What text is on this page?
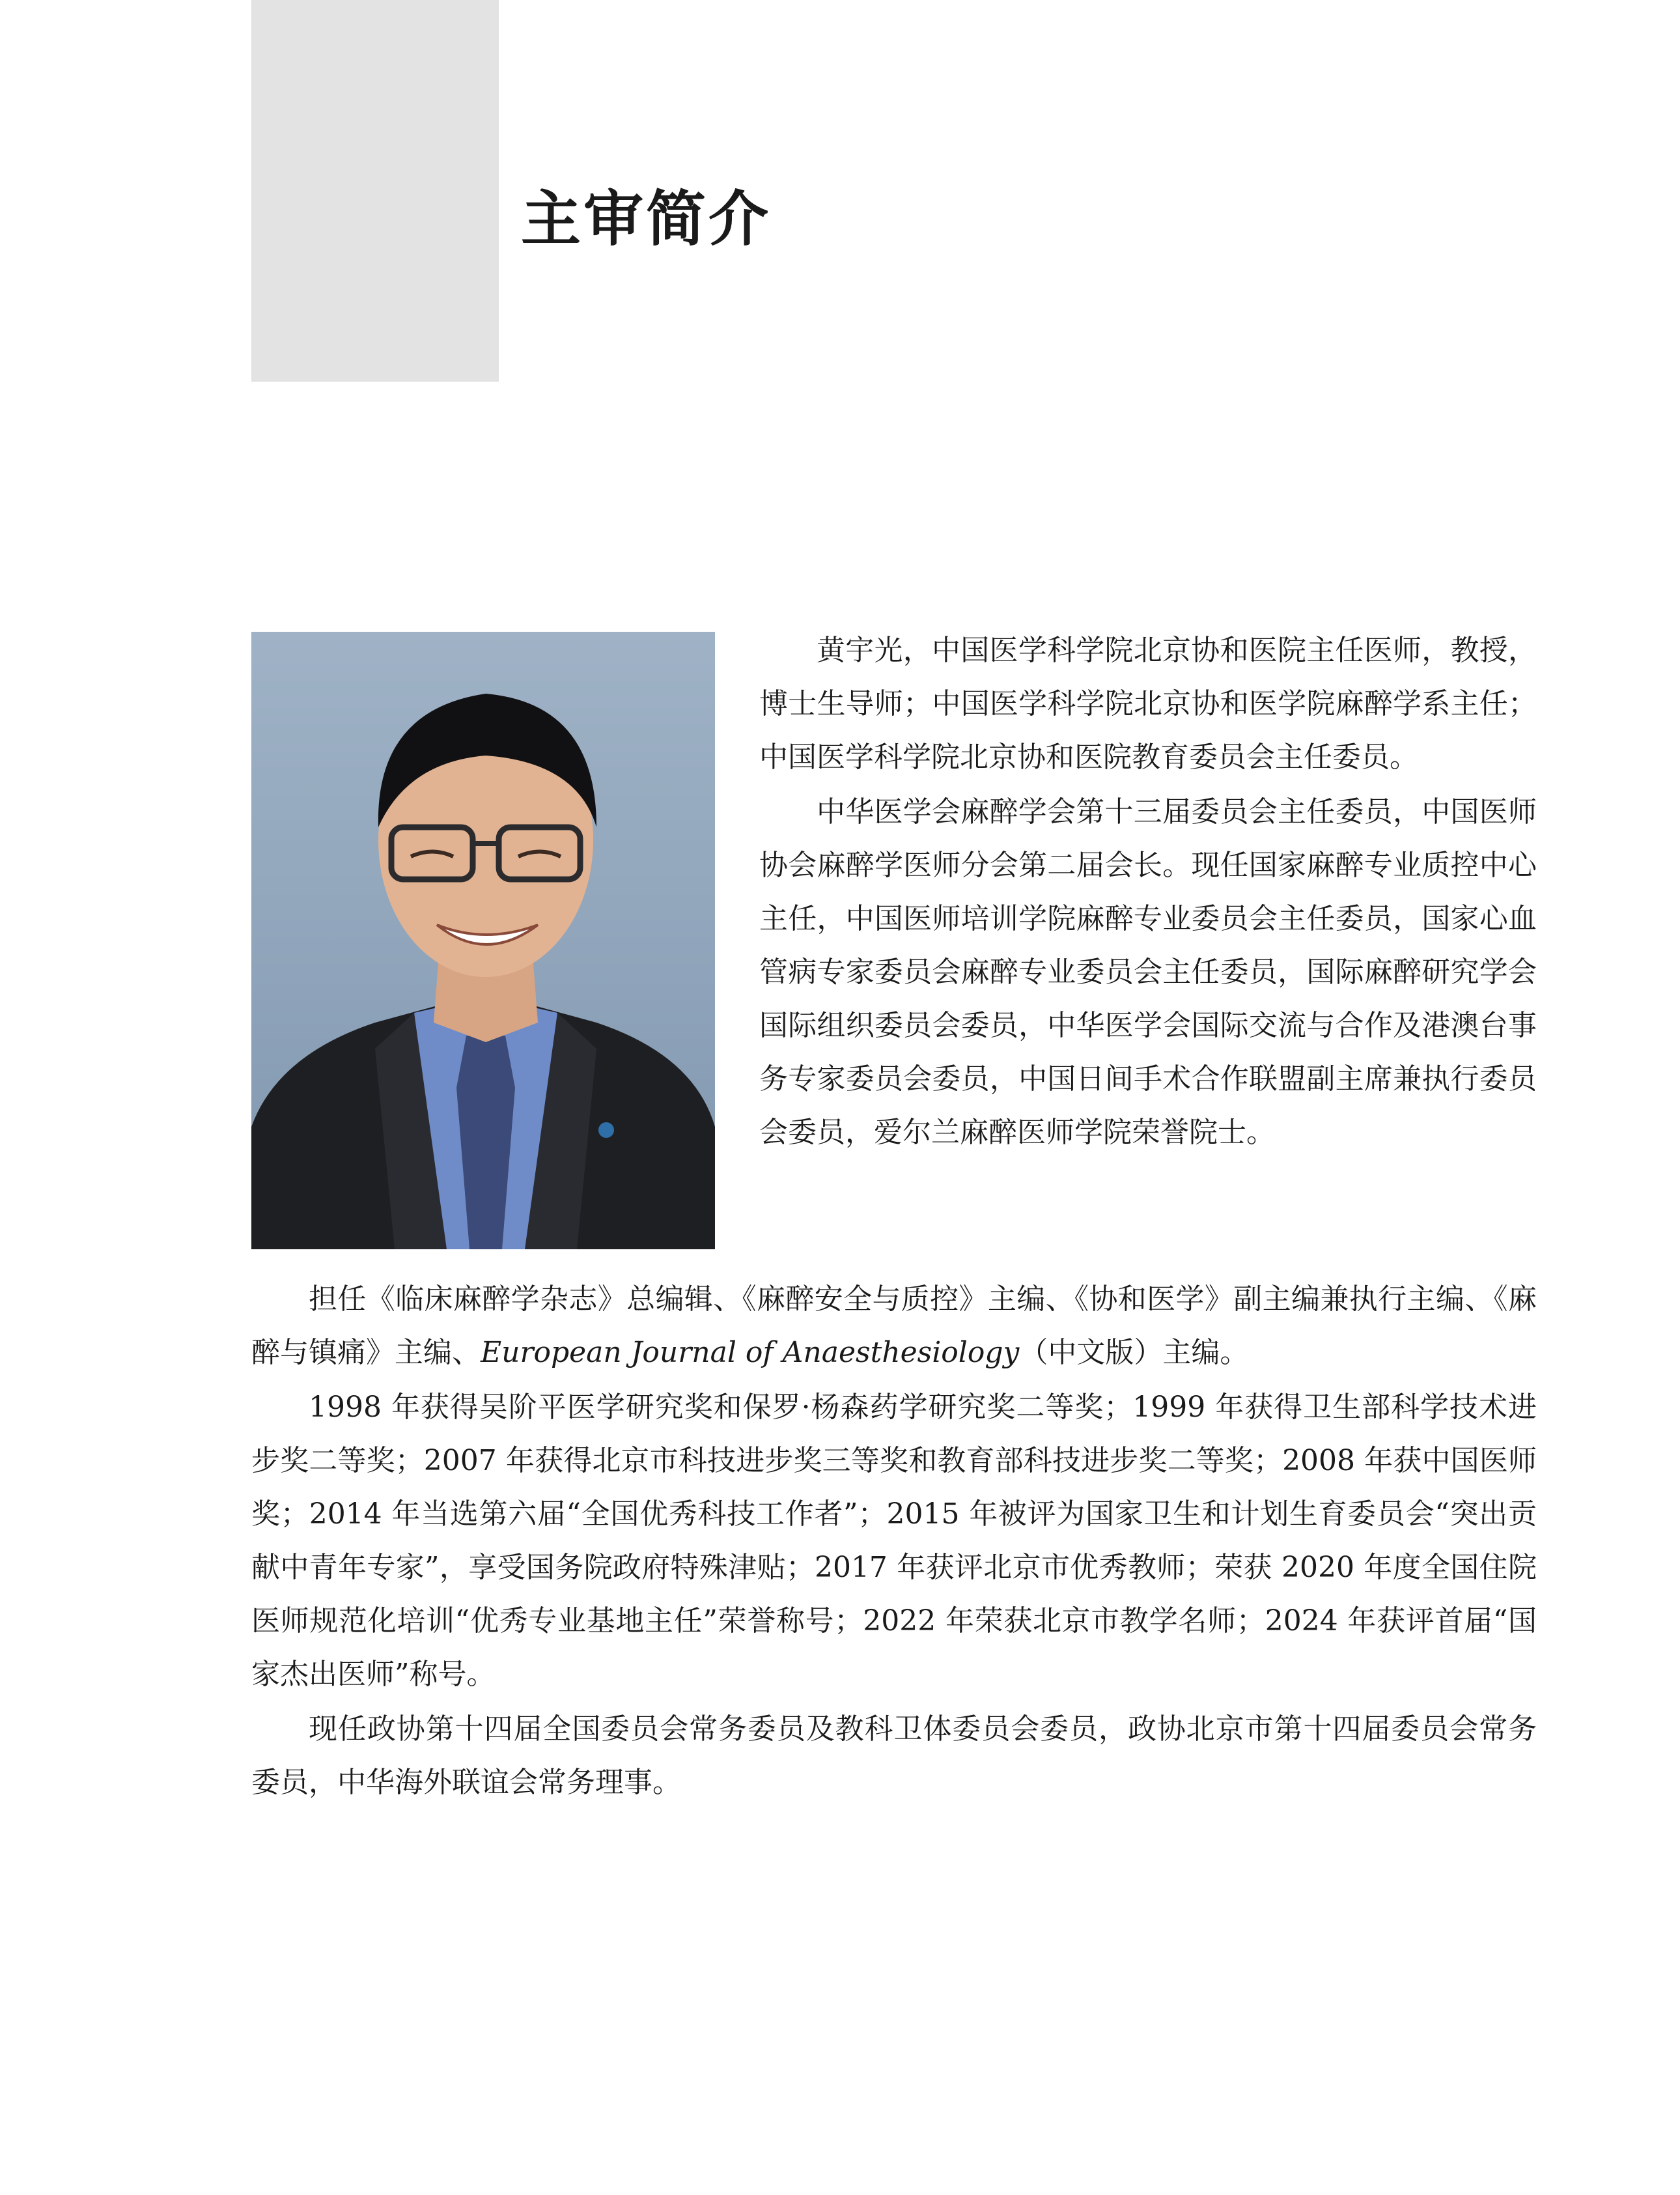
主审简介

黄宇光，中国医学科学院北京协和医院主任医师，教授，博士生导师；中国医学科学院北京协和医学院麻醉学系主任；中国医学科学院北京协和医院教育委员会主任委员。

中华医学会麻醉学会第十三届委员会主任委员，中国医师协会麻醉学医师分会第二届会长。现任国家麻醉专业质控中心主任，中国医师培训学院麻醉专业委员会主任委员，国家心血管病专家委员会麻醉专业委员会主任委员，国际麻醉研究学会国际组织委员会委员，中华医学会国际交流与合作及港澳台事务专家委员会委员，中国日间手术合作联盟副主席兼执行委员会委员，爱尔兰麻醉医师学院荣誉院士。

担任《临床麻醉学杂志》总编辑、《麻醉安全与质控》主编、《协和医学》副主编兼执行主编、《麻醉与镇痛》主编、European Journal of Anaesthesiology（中文版）主编。

1998 年获得吴阶平医学研究奖和保罗·杨森药学研究奖二等奖；1999 年获得卫生部科学技术进步奖二等奖；2007 年获得北京市科技进步奖三等奖和教育部科技进步奖二等奖；2008 年获中国医师奖；2014 年当选第六届“全国优秀科技工作者”；2015 年被评为国家卫生和计划生育委员会“突出贡献中青年专家”，享受国务院政府特殊津贴；2017 年获评北京市优秀教师；荣获 2020 年度全国住院医师规范化培训“优秀专业基地主任”荣誉称号；2022 年荣获北京市教学名师；2024 年获评首届“国家杰出医师”称号。

现任政协第十四届全国委员会常务委员及教科卫体委员会委员，政协北京市第十四届委员会常务委员，中华海外联谊会常务理事。
